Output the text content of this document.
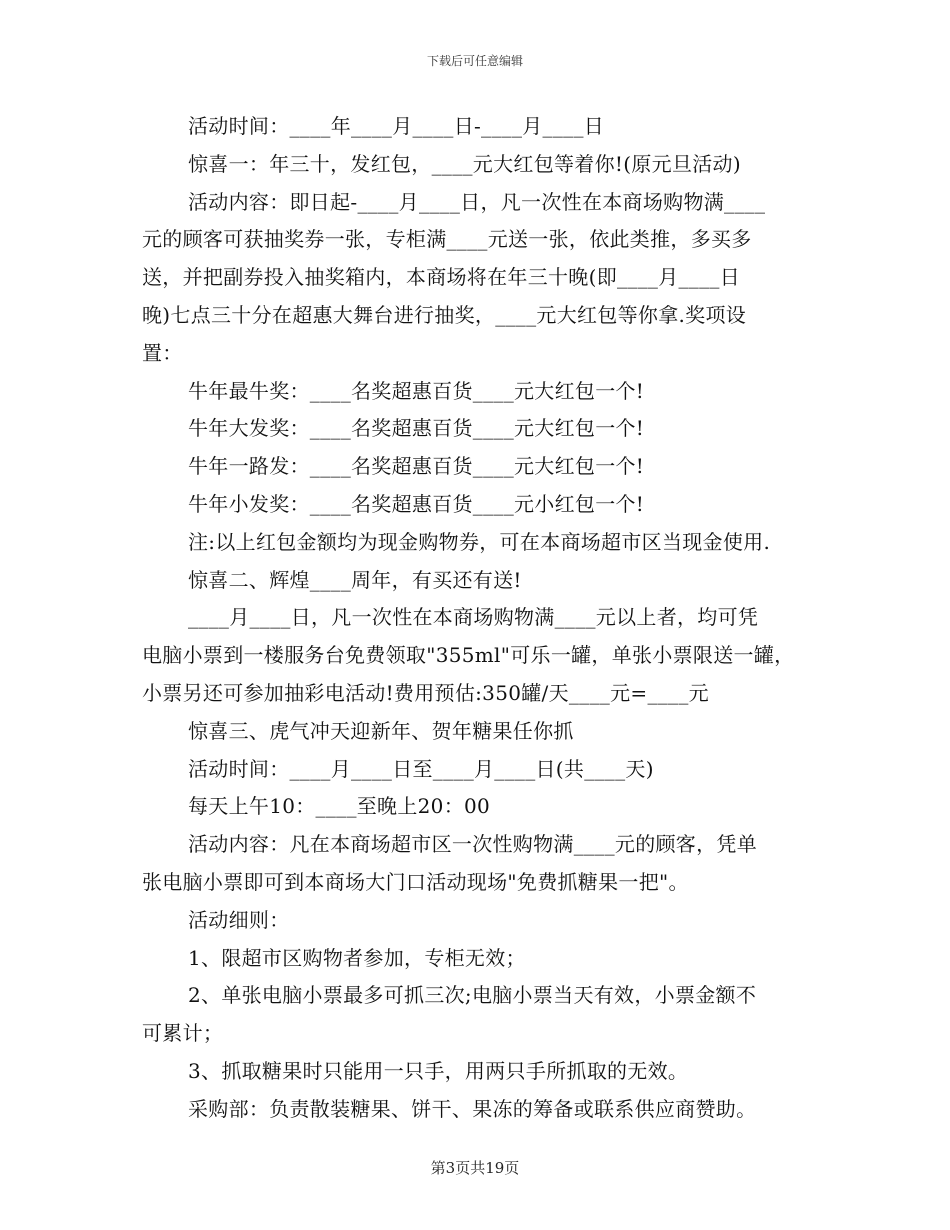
下载后可任意编辑
活动时间：____年____月____日-____月____日
惊喜一：年三十，发红包，____元大红包等着你!(原元旦活动)
活动内容：即日起-____月____日，凡一次性在本商场购物满____
元的顾客可获抽奖券一张，专柜满____元送一张，依此类推，多买多
送，并把副券投入抽奖箱内，本商场将在年三十晚(即____月____日
晚)七点三十分在超惠大舞台进行抽奖，____元大红包等你拿.奖项设
置：
牛年最牛奖：____名奖超惠百货____元大红包一个!
牛年大发奖：____名奖超惠百货____元大红包一个!
牛年一路发：____名奖超惠百货____元大红包一个!
牛年小发奖：____名奖超惠百货____元小红包一个!
注:以上红包金额均为现金购物券，可在本商场超市区当现金使用.
惊喜二、辉煌____周年，有买还有送!
____月____日，凡一次性在本商场购物满____元以上者，均可凭
电脑小票到一楼服务台免费领取"355ml"可乐一罐，单张小票限送一罐，
小票另还可参加抽彩电活动!费用预估:350罐/天____元=____元
惊喜三、虎气冲天迎新年、贺年糖果任你抓
活动时间：____月____日至____月____日(共____天)
每天上午10：____至晚上20：00
活动内容：凡在本商场超市区一次性购物满____元的顾客，凭单
张电脑小票即可到本商场大门口活动现场"免费抓糖果一把"。
活动细则：
1、限超市区购物者参加，专柜无效；
2、单张电脑小票最多可抓三次;电脑小票当天有效，小票金额不
可累计；
3、抓取糖果时只能用一只手，用两只手所抓取的无效。
采购部：负责散装糖果、饼干、果冻的筹备或联系供应商赞助。
第3页共19页
